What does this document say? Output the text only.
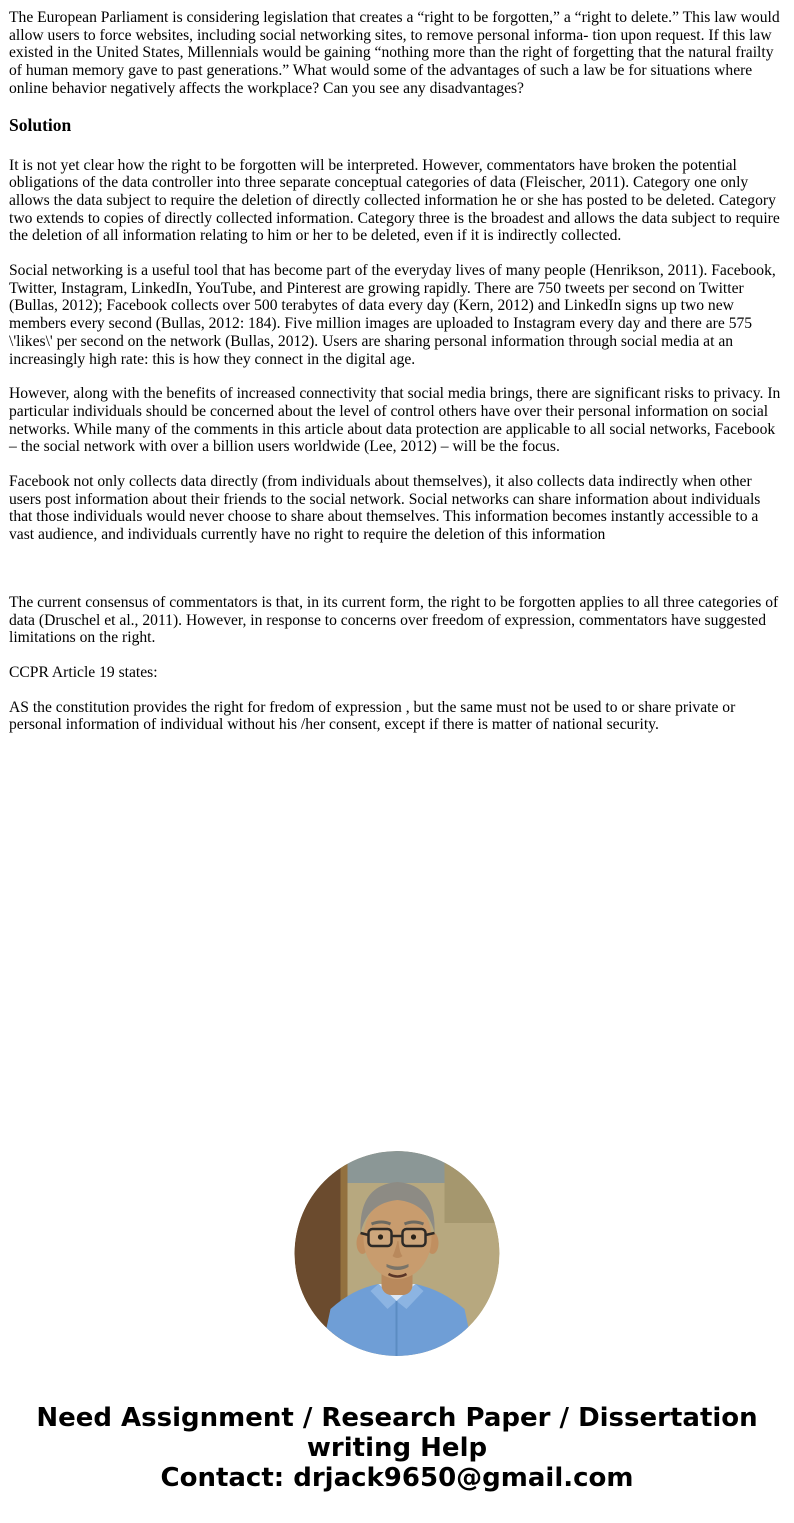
The European Parliament is considering legislation that creates a “right to be forgotten,” a “right to delete.” This law would allow users to force websites, including social networking sites, to remove personal informa- tion upon request. If this law existed in the United States, Millennials would be gaining “nothing more than the right of forgetting that the natural frailty of human memory gave to past generations.” What would some of the advantages of such a law be for situations where online behavior negatively affects the workplace? Can you see any disadvantages?

Solution

It is not yet clear how the right to be forgotten will be interpreted. However, commentators have broken the potential obligations of the data controller into three separate conceptual categories of data (Fleischer, 2011). Category one only allows the data subject to require the deletion of directly collected information he or she has posted to be deleted. Category two extends to copies of directly collected information. Category three is the broadest and allows the data subject to require the deletion of all information relating to him or her to be deleted, even if it is indirectly collected.

Social networking is a useful tool that has become part of the everyday lives of many people (Henrikson, 2011). Facebook, Twitter, Instagram, LinkedIn, YouTube, and Pinterest are growing rapidly. There are 750 tweets per second on Twitter (Bullas, 2012); Facebook collects over 500 terabytes of data every day (Kern, 2012) and LinkedIn signs up two new members every second (Bullas, 2012: 184). Five million images are uploaded to Instagram every day and there are 575 \'likes\' per second on the network (Bullas, 2012). Users are sharing personal information through social media at an increasingly high rate: this is how they connect in the digital age.

However, along with the benefits of increased connectivity that social media brings, there are significant risks to privacy. In particular individuals should be concerned about the level of control others have over their personal information on social networks. While many of the comments in this article about data protection are applicable to all social networks, Facebook – the social network with over a billion users worldwide (Lee, 2012) – will be the focus.

Facebook not only collects data directly (from individuals about themselves), it also collects data indirectly when other users post information about their friends to the social network. Social networks can share information about individuals that those individuals would never choose to share about themselves. This information becomes instantly accessible to a vast audience, and individuals currently have no right to require the deletion of this information

The current consensus of commentators is that, in its current form, the right to be forgotten applies to all three categories of data (Druschel et al., 2011). However, in response to concerns over freedom of expression, commentators have suggested limitations on the right.

CCPR Article 19 states:

AS the constitution provides the right for fredom of expression , but the same must not be used to or share private or personal information of individual without his /her consent, except if there is matter of national security.

Need Assignment / Research Paper / Dissertation writing Help
Contact: drjack9650@gmail.com
